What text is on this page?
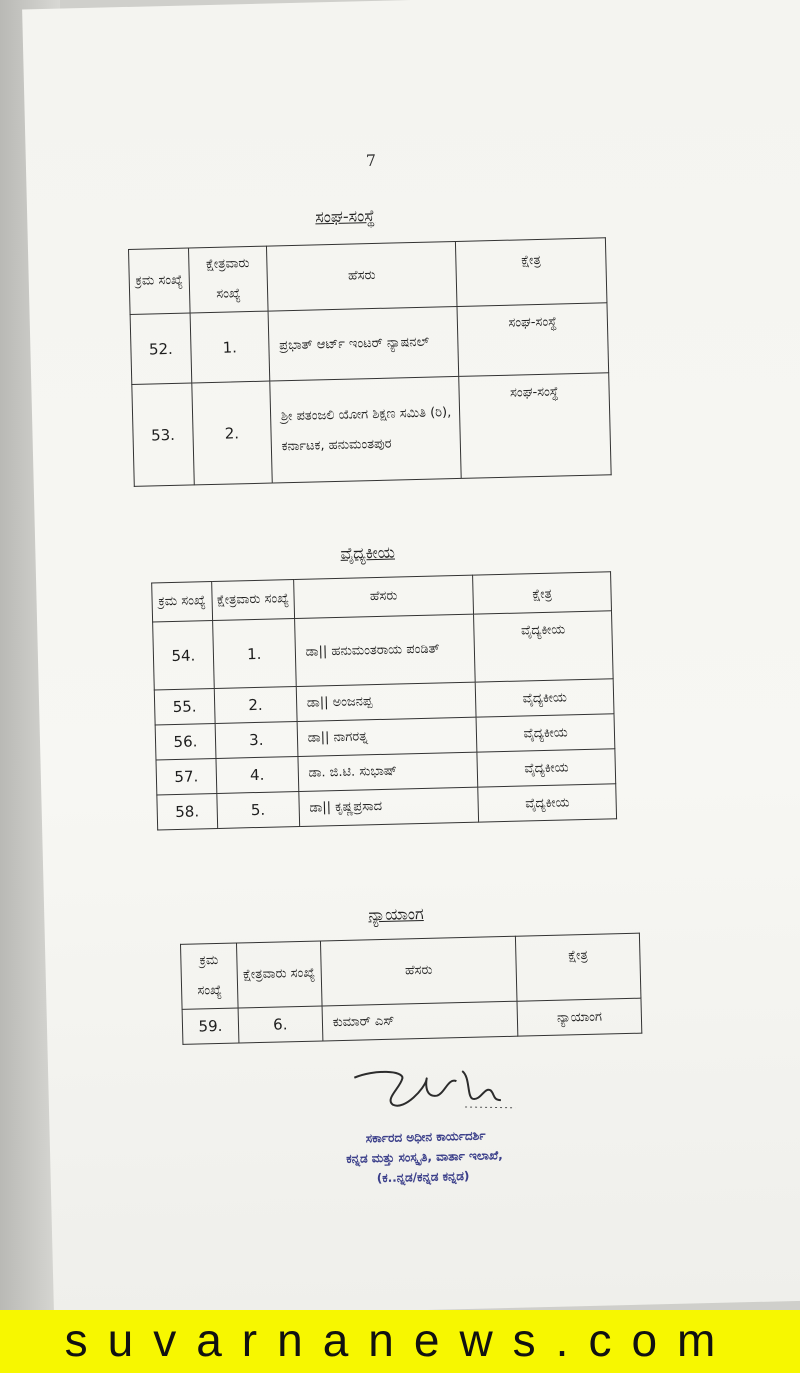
7
ಸಂಘ-ಸಂಸ್ಥೆ
ಕ್ರಮ ಸಂಖ್ಯೆ	ಕ್ಷೇತ್ರವಾರು ಸಂಖ್ಯೆ	ಹೆಸರು	ಕ್ಷೇತ್ರ
52.	1.	ಪ್ರಭಾತ್ ಆರ್ಟ್ ಇಂಟರ್ ನ್ಯಾಷನಲ್	ಸಂಘ-ಸಂಸ್ಥೆ
53.	2.	ಶ್ರೀ ಪತಂಜಲಿ ಯೋಗ ಶಿಕ್ಷಣ ಸಮಿತಿ (ರಿ), ಕರ್ನಾಟಕ, ಹನುಮಂತಪುರ	ಸಂಘ-ಸಂಸ್ಥೆ
ವೈದ್ಯಕೀಯ
ಕ್ರಮ ಸಂಖ್ಯೆ	ಕ್ಷೇತ್ರವಾರು ಸಂಖ್ಯೆ	ಹೆಸರು	ಕ್ಷೇತ್ರ
54.	1.	ಡಾ|| ಹನುಮಂತರಾಯ ಪಂಡಿತ್	ವೈದ್ಯಕೀಯ
55.	2.	ಡಾ|| ಅಂಜನಪ್ಪ	ವೈದ್ಯಕೀಯ
56.	3.	ಡಾ|| ನಾಗರತ್ನ	ವೈದ್ಯಕೀಯ
57.	4.	ಡಾ. ಜಿ.ಟಿ. ಸುಭಾಷ್	ವೈದ್ಯಕೀಯ
58.	5.	ಡಾ|| ಕೃಷ್ಣಪ್ರಸಾದ	ವೈದ್ಯಕೀಯ
ನ್ಯಾಯಾಂಗ
ಕ್ರಮ ಸಂಖ್ಯೆ	ಕ್ಷೇತ್ರವಾರು ಸಂಖ್ಯೆ	ಹೆಸರು	ಕ್ಷೇತ್ರ
59.	6.	ಕುಮಾರ್ ಎಸ್	ನ್ಯಾಯಾಂಗ
ಸರ್ಕಾರದ ಅಧೀನ ಕಾರ್ಯದರ್ಶಿ
ಕನ್ನಡ ಮತ್ತು ಸಂಸ್ಕೃತಿ, ವಾರ್ತಾ ಇಲಾಖೆ,
(ಕ..ನ್ನಡ/ಕನ್ನಡ ಕನ್ನಡ)
suvarnanews.com
